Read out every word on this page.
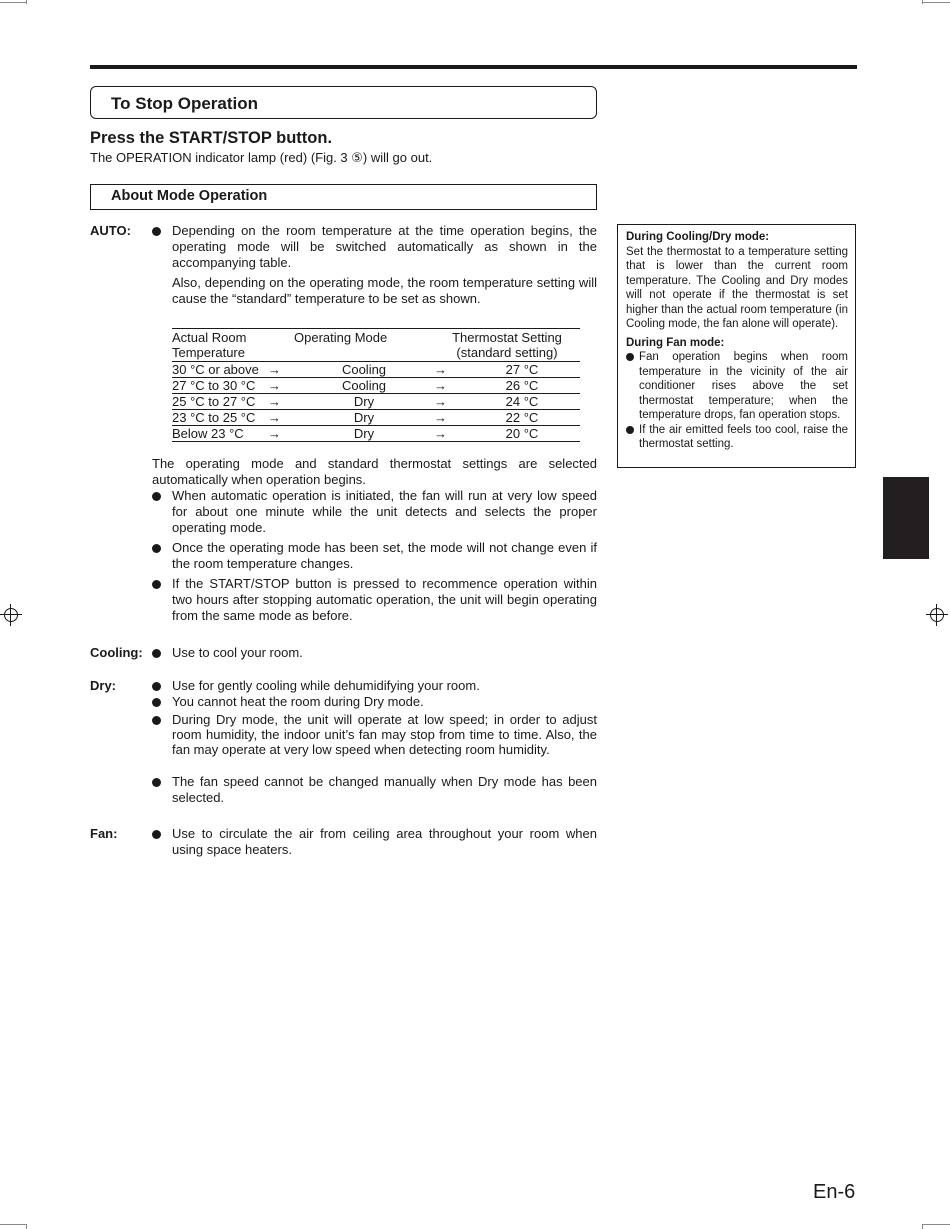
To Stop Operation
Press the START/STOP button.
The OPERATION indicator lamp (red) (Fig. 3 ⑤) will go out.
About Mode Operation
AUTO:	Depending on the room temperature at the time operation begins, the operating mode will be switched automatically as shown in the accompanying table.
Also, depending on the operating mode, the room temperature setting will cause the “standard” temperature to be set as shown.
Actual Room Temperature		Operating Mode	Thermostat Setting (standard setting)	
30 °C or above	→	Cooling	→	27 °C
27 °C to 30 °C	→	Cooling	→	26 °C
25 °C to 27 °C	→	Dry	→	24 °C
23 °C to 25 °C	→	Dry	→	22 °C
Below 23 °C	→	Dry	→	20 °C
The operating mode and standard thermostat settings are selected automatically when operation begins.
When automatic operation is initiated, the fan will run at very low speed for about one minute while the unit detects and selects the proper operating mode.
Once the operating mode has been set, the mode will not change even if the room temperature changes.
If the START/STOP button is pressed to recommence operation within two hours after stopping automatic operation, the unit will begin operating from the same mode as before.
Cooling: Use to cool your room.
Dry:	Use for gently cooling while dehumidifying your room.
You cannot heat the room during Dry mode.
During Dry mode, the unit will operate at low speed; in order to adjust room humidity, the indoor unit’s fan may stop from time to time. Also, the fan may operate at very low speed when detecting room humidity.
The fan speed cannot be changed manually when Dry mode has been selected.
Fan:	Use to circulate the air from ceiling area throughout your room when using space heaters.
During Cooling/Dry mode:
Set the thermostat to a temperature setting that is lower than the current room temperature. The Cooling and Dry modes will not operate if the thermostat is set higher than the actual room temperature (in Cooling mode, the fan alone will operate).
During Fan mode:
Fan operation begins when room temperature in the vicinity of the air conditioner rises above the set thermostat temperature; when the temperature drops, fan operation stops.
If the air emitted feels too cool, raise the thermostat setting.
En-6
